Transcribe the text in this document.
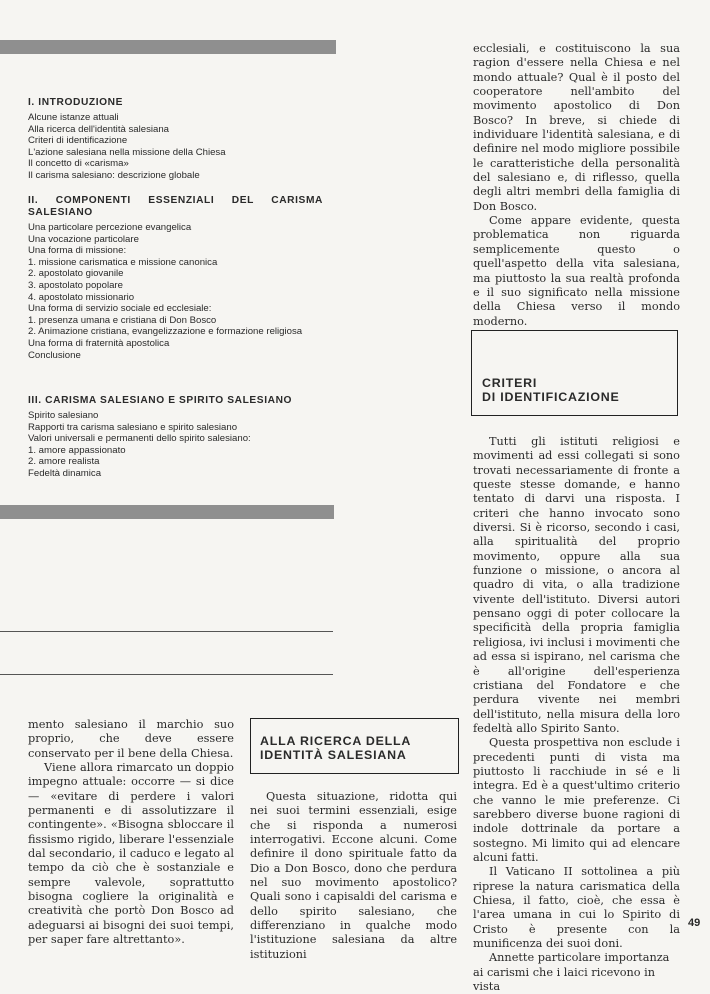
I. INTRODUZIONE
Alcune istanze attuali
Alla ricerca dell'identità salesiana
Criteri di identificazione
L'azione salesiana nella missione della Chiesa
Il concetto di «carisma»
Il carisma salesiano: descrizione globale
II. COMPONENTI ESSENZIALI DEL CARISMA SALESIANO
Una particolare percezione evangelica
Una vocazione particolare
Una forma di missione:
1. missione carismatica e missione canonica
2. apostolato giovanile
3. apostolato popolare
4. apostolato missionario
Una forma di servizio sociale ed ecclesiale:
1. presenza umana e cristiana di Don Bosco
2. Animazione cristiana, evangelizzazione e formazione religiosa
Una forma di fraternità apostolica
Conclusione
III. CARISMA SALESIANO E SPIRITO SALESIANO
Spirito salesiano
Rapporti tra carisma salesiano e spirito salesiano
Valori universali e permanenti dello spirito salesiano:
1. amore appassionato
2. amore realista
Fedeltà dinamica

ecclesiali, e costituiscono la sua ragion d'essere nella Chiesa e nel mondo attuale? Qual è il posto del cooperatore nell'ambito del movimento apostolico di Don Bosco? In breve, si chiede di individuare l'identità salesiana, e di definire nel modo migliore possibile le caratteristiche della personalità del salesiano e, di riflesso, quella degli altri membri della famiglia di Don Bosco.

Come appare evidente, questa problematica non riguarda semplicemente questo o quell'aspetto della vita salesiana, ma piuttosto la sua realtà profonda e il suo significato nella missione della Chiesa verso il mondo moderno.

CRITERI
DI IDENTIFICAZIONE

Tutti gli istituti religiosi e movimenti ad essi collegati si sono trovati necessariamente di fronte a queste stesse domande, e hanno tentato di darvi una risposta. I criteri che hanno invocato sono diversi. Si è ricorso, secondo i casi, alla spiritualità del proprio movimento, oppure alla sua funzione o missione, o ancora al quadro di vita, o alla tradizione vivente dell'istituto. Diversi autori pensano oggi di poter collocare la specificità della propria famiglia religiosa, ivi inclusi i movimenti che ad essa si ispirano, nel carisma che è all'origine dell'esperienza cristiana del Fondatore e che perdura vivente nei membri dell'istituto, nella misura della loro fedeltà allo Spirito Santo.

Questa prospettiva non esclude i precedenti punti di vista ma piuttosto li racchiude in sé e li integra. Ed è a quest'ultimo criterio che vanno le mie preferenze. Ci sarebbero diverse buone ragioni di indole dottrinale da portare a sostegno. Mi limito qui ad elencare alcuni fatti.

Il Vaticano II sottolinea a più riprese la natura carismatica della Chiesa, il fatto, cioè, che essa è l'area umana in cui lo Spirito di Cristo è presente con la munificenza dei suoi doni.

Annette particolare importanza ai carismi che i laici ricevono in vista

mento salesiano il marchio suo proprio, che deve essere conservato per il bene della Chiesa.

Viene allora rimarcato un doppio impegno attuale: occorre — si dice — «evitare di perdere i valori permanenti e di assolutizzare il contingente». «Bisogna sbloccare il fissismo rigido, liberare l'essenziale dal secondario, il caduco e legato al tempo da ciò che è sostanziale e sempre valevole, soprattutto bisogna cogliere la originalità e creatività che portò Don Bosco ad adeguarsi ai bisogni dei suoi tempi, per saper fare altrettanto».

ALLA RICERCA DELLA
IDENTITÀ SALESIANA

Questa situazione, ridotta qui nei suoi termini essenziali, esige che si risponda a numerosi interrogativi. Eccone alcuni. Come definire il dono spirituale fatto da Dio a Don Bosco, dono che perdura nel suo movimento apostolico? Quali sono i capisaldi del carisma e dello spirito salesiano, che differenziano in qualche modo l'istituzione salesiana da altre istituzioni

49
